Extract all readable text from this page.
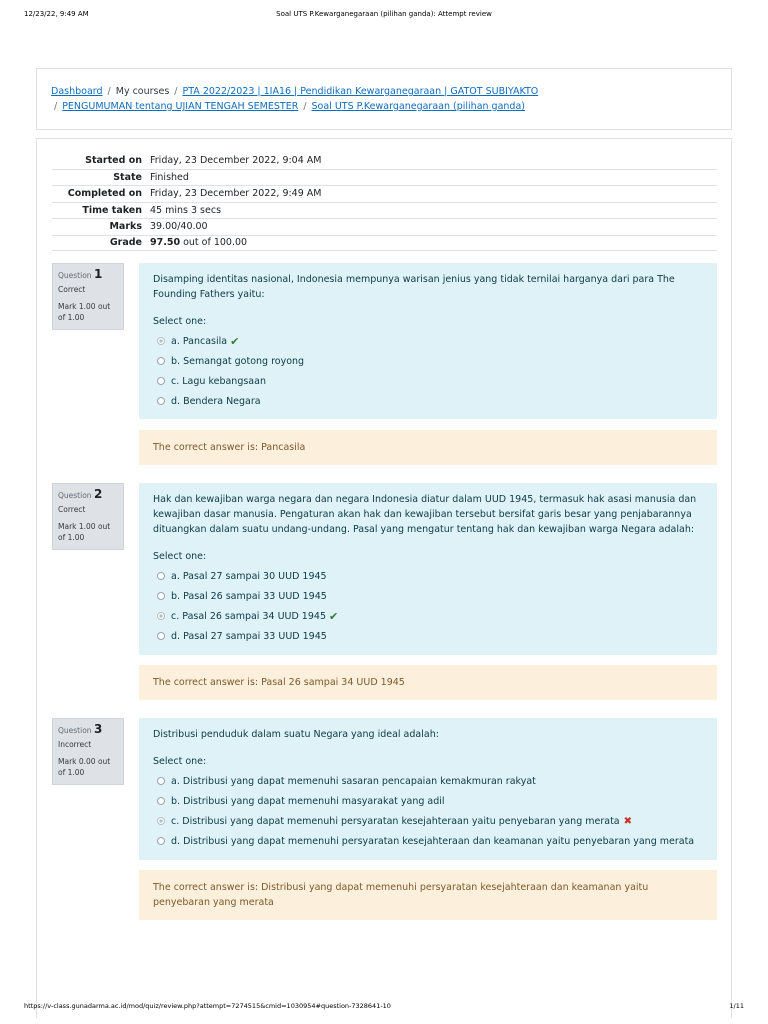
12/23/22, 9:49 AM	Soal UTS P.Kewarganegaraan (pilihan ganda): Attempt review
Dashboard / My courses / PTA 2022/2023 | 1IA16 | Pendidikan Kewarganegaraan | GATOT SUBIYAKTO
/ PENGUMUMAN tentang UJIAN TENGAH SEMESTER / Soal UTS P.Kewarganegaraan (pilihan ganda)
Started on Friday, 23 December 2022, 9:04 AM
State Finished
Completed on Friday, 23 December 2022, 9:49 AM
Time taken 45 mins 3 secs
Marks 39.00/40.00
Grade 97.50 out of 100.00
Question 1
Correct
Mark 1.00 out of 1.00
Disamping identitas nasional, Indonesia mempunya warisan jenius yang tidak ternilai harganya dari para The Founding Fathers yaitu:
Select one:
a. Pancasila ✔
b. Semangat gotong royong
c. Lagu kebangsaan
d. Bendera Negara
The correct answer is: Pancasila
Question 2
Correct
Mark 1.00 out of 1.00
Hak dan kewajiban warga negara dan negara Indonesia diatur dalam UUD 1945, termasuk hak asasi manusia dan kewajiban dasar manusia. Pengaturan akan hak dan kewajiban tersebut bersifat garis besar yang penjabarannya dituangkan dalam suatu undang-undang. Pasal yang mengatur tentang hak dan kewajiban warga Negara adalah:
Select one:
a. Pasal 27 sampai 30 UUD 1945
b. Pasal 26 sampai 33 UUD 1945
c. Pasal 26 sampai 34 UUD 1945 ✔
d. Pasal 27 sampai 33 UUD 1945
The correct answer is: Pasal 26 sampai 34 UUD 1945
Question 3
Incorrect
Mark 0.00 out of 1.00
Distribusi penduduk dalam suatu Negara yang ideal adalah:
Select one:
a. Distribusi yang dapat memenuhi sasaran pencapaian kemakmuran rakyat
b. Distribusi yang dapat memenuhi masyarakat yang adil
c. Distribusi yang dapat memenuhi persyaratan kesejahteraan yaitu penyebaran yang merata ✖
d. Distribusi yang dapat memenuhi persyaratan kesejahteraan dan keamanan yaitu penyebaran yang merata
The correct answer is: Distribusi yang dapat memenuhi persyaratan kesejahteraan dan keamanan yaitu penyebaran yang merata
https://v-class.gunadarma.ac.id/mod/quiz/review.php?attempt=7274515&cmid=1030954#question-7328641-10	1/11
